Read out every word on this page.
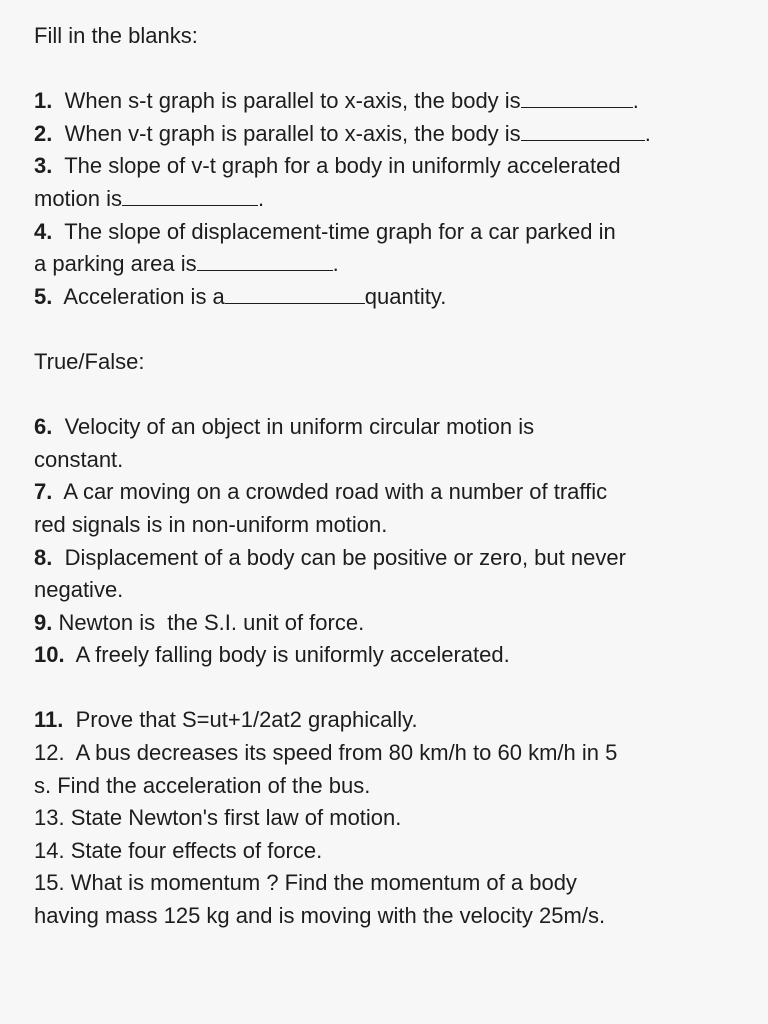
Fill in the blanks:

1. When s-t graph is parallel to x-axis, the body is	.

2. When v-t graph is parallel to x-axis, the body is	.

3. The slope of v-t graph for a body in uniformly accelerated

motion is	.

4. The slope of displacement-time graph for a car parked in

a parking area is	.

5. Acceleration is a	quantity.

True/False:

6. Velocity of an object in uniform circular motion is

constant.

7. A car moving on a crowded road with a number of traffic

red signals is in non-uniform motion.

8. Displacement of a body can be positive or zero, but never

negative.

9. Newton is  the S.I. unit of force.

10. A freely falling body is uniformly accelerated.

11. Prove that S=ut+1/2at2 graphically.

12. A bus decreases its speed from 80 km/h to 60 km/h in 5

s. Find the acceleration of the bus.

13. State Newton's first law of motion.

14. State four effects of force.

15. What is momentum ? Find the momentum of a body

having mass 125 kg and is moving with the velocity 25m/s.
